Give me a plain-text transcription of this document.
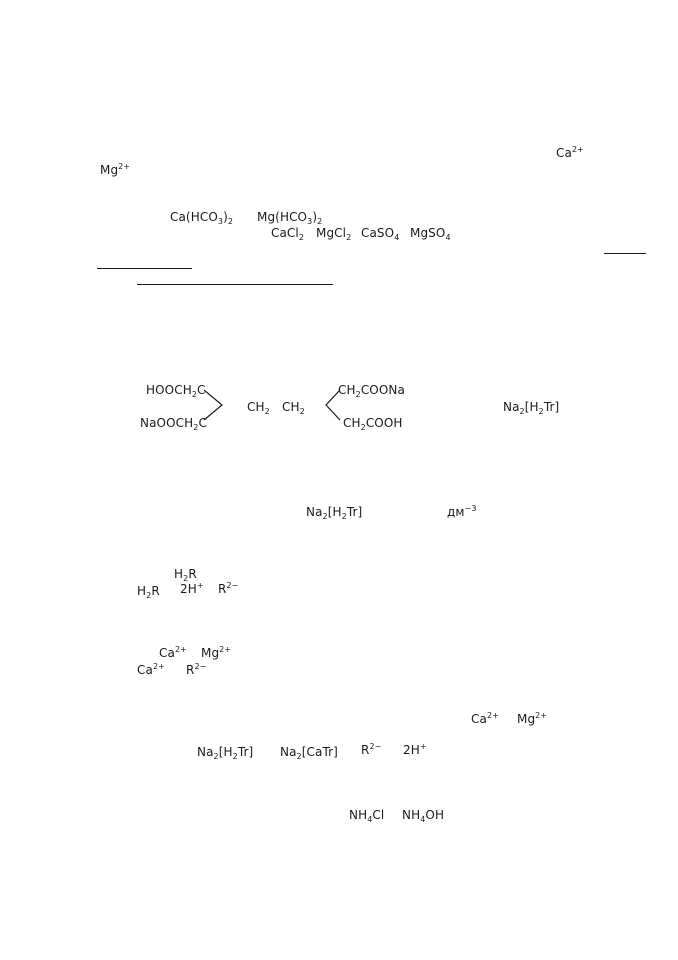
$Ca^{2+}$
$Mg^{2+}$
$Ca(HCO_3)_2$ $Mg(HCO_3)_2$
CaCl$_2$ MgCl$_2$ CaSO$_4$ MgSO$_4$
$HOOCH_2C$
NaOOCH$_2$C
$CH_2$ $CH_2$
$CH_2COONa$
$CH_2COOH$
$Na_2[H_2Tr]$
$Na_2[H_2Tr]$	$дм^{-3}$
$H_2R$
$H_2R$ 2H+ $R^{2-}$
$Ca^{2+}$ $Mg^{2+}$
$Ca^{2+}$ $R^{2-}$
$Ca^{2+}$ $Mg^{2+}$
$Na_2[H_2Tr]$ $Na_2[CaTr]$ $R^{2-}$ 2H+
$NH_4Cl$ $NH_4OH$
